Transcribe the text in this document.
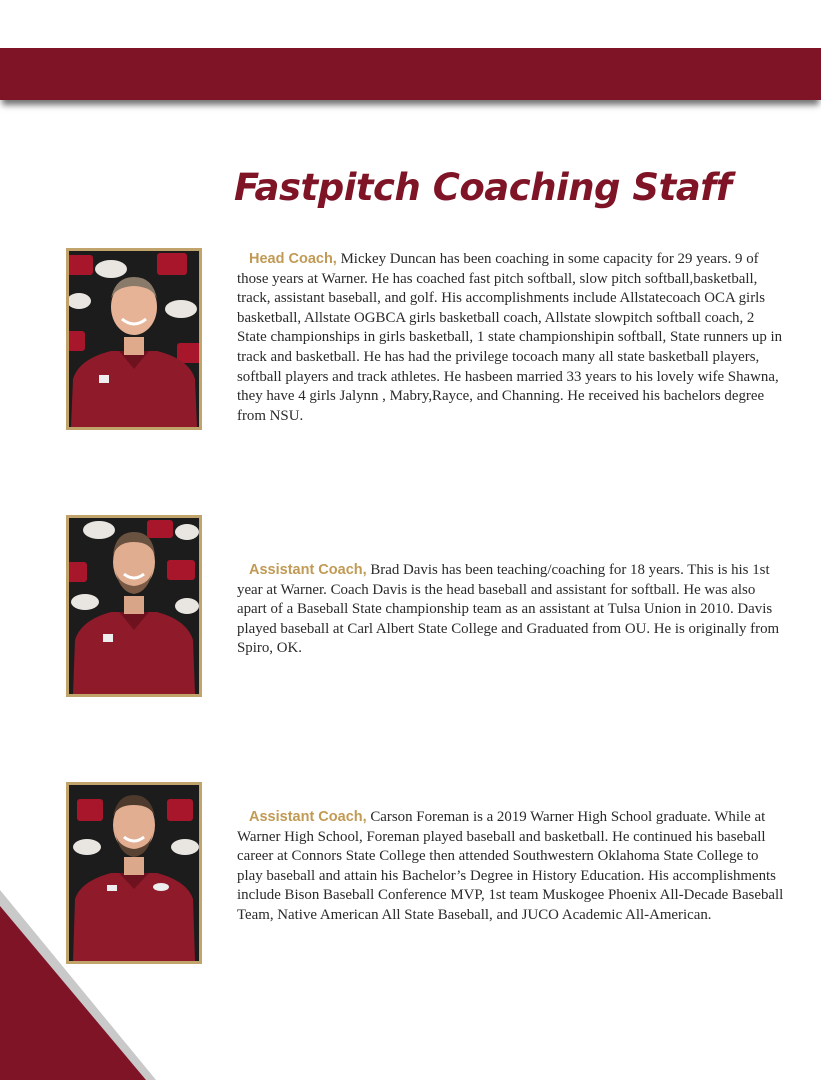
Fastpitch Coaching Staff

Head Coach, Mickey Duncan has been coaching in some capacity for 29 years. 9 of those years at Warner. He has coached fast pitch softball, slow pitch softball,basketball, track, assistant baseball, and golf. His accomplishments include Allstatecoach OCA girls basketball, Allstate OGBCA girls basketball coach, Allstate slowpitch softball coach, 2 State championships in girls basketball, 1 state championshipin softball, State runners up in track and basketball. He has had the privilege tocoach many all state basketball players, softball players and track athletes. He hasbeen married 33 years to his lovely wife Shawna, they have 4 girls Jalynn , Mabry,Rayce, and Channing. He received his bachelors degree from NSU.

Assistant Coach, Brad Davis has been teaching/coaching for 18 years. This is his 1st year at Warner. Coach Davis is the head baseball and assistant for softball. He was also apart of a Baseball State championship team as an assistant at Tulsa Union in 2010. Davis played baseball at Carl Albert State College and Graduated from OU. He is originally from Spiro, OK.

Assistant Coach, Carson Foreman is a 2019 Warner High School graduate. While at Warner High School, Foreman played baseball and basketball. He continued his baseball career at Connors State College then attended Southwestern Oklahoma State College to play baseball and attain his Bachelor’s Degree in History Education. His accomplishments include Bison Baseball Conference MVP, 1st team Muskogee Phoenix All-Decade Baseball Team, Native American All State Baseball, and JUCO Academic All-American.
